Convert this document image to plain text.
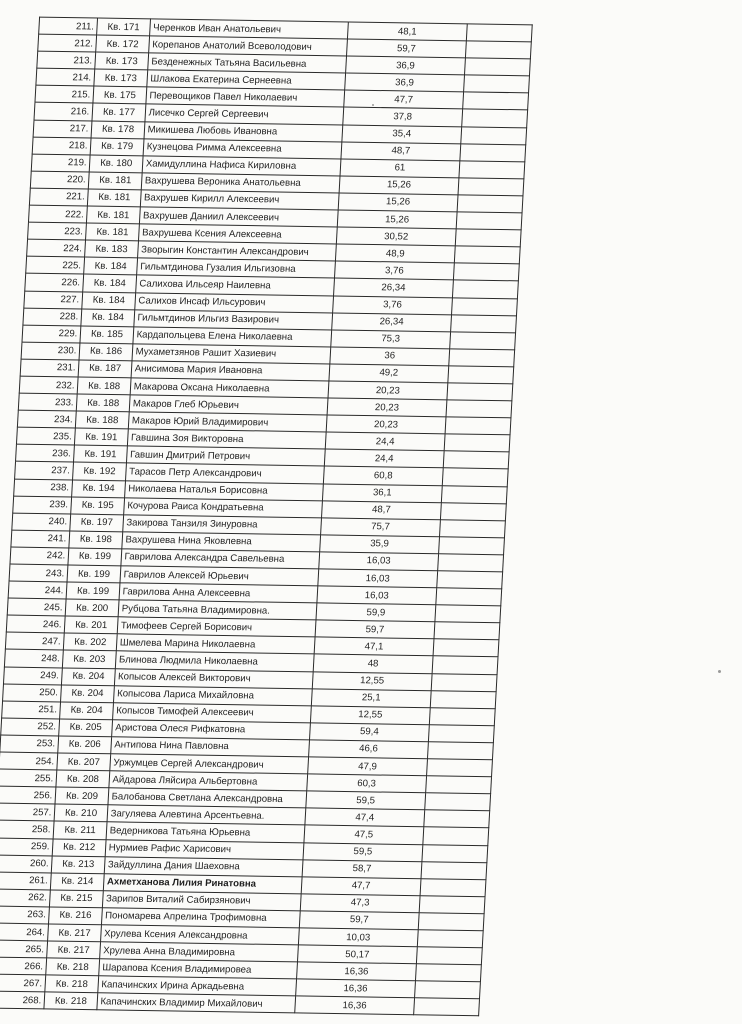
211.	Кв. 171	Черенков Иван Анатольевич	48,1	
212.	Кв. 172	Корепанов Анатолий Всеволодович	59,7	
213.	Кв. 173	Безденежных Татьяна Васильевна	36,9	
214.	Кв. 173	Шлакова Екатерина Сернеевна	36,9	
215.	Кв. 175	Перевощиков Павел Николаевич	47,7	
216.	Кв. 177	Лисечко Сергей Сергеевич	37,8	
217.	Кв. 178	Микишева Любовь Ивановна	35,4	
218.	Кв. 179	Кузнецова Римма Алексеевна	48,7	
219.	Кв. 180	Хамидуллина Нафиса Кириловна	61	
220.	Кв. 181	Вахрушева Вероника Анатольевна	15,26	
221.	Кв. 181	Вахрушев Кирилл Алексеевич	15,26	
222.	Кв. 181	Вахрушев Даниил Алексеевич	15,26	
223.	Кв. 181	Вахрушева Ксения Алексеевна	30,52	
224.	Кв. 183	Зворыгин Константин Александрович	48,9	
225.	Кв. 184	Гильмтдинова Гузалия Ильгизовна	3,76	
226.	Кв. 184	Салихова Ильсеяр Наилевна	26,34	
227.	Кв. 184	Салихов Инсаф Ильсурович	3,76	
228.	Кв. 184	Гильмтдинов Ильгиз Вазирович	26,34	
229.	Кв. 185	Кардапольцева Елена Николаевна	75,3	
230.	Кв. 186	Мухаметзянов Рашит Хазиевич	36	
231.	Кв. 187	Анисимова Мария Ивановна	49,2	
232.	Кв. 188	Макарова Оксана Николаевна	20,23	
233.	Кв. 188	Макаров Глеб Юрьевич	20,23	
234.	Кв. 188	Макаров Юрий Владимирович	20,23	
235.	Кв. 191	Гавшина Зоя Викторовна	24,4	
236.	Кв. 191	Гавшин Дмитрий Петрович	24,4	
237.	Кв. 192	Тарасов Петр Александрович	60,8	
238.	Кв. 194	Николаева Наталья Борисовна	36,1	
239.	Кв. 195	Кочурова Раиса Кондратьевна	48,7	
240.	Кв. 197	Закирова Танзиля Зинуровна	75,7	
241.	Кв. 198	Вахрушева Нина Яковлевна	35,9	
242.	Кв. 199	Гаврилова Александра Савельевна	16,03	
243.	Кв. 199	Гаврилов Алексей Юрьевич	16,03	
244.	Кв. 199	Гаврилова Анна Алексеевна	16,03	
245.	Кв. 200	Рубцова Татьяна Владимировна.	59,9	
246.	Кв. 201	Тимофеев Сергей Борисович	59,7	
247.	Кв. 202	Шмелева Марина Николаевна	47,1	
248.	Кв. 203	Блинова Людмила Николаевна	48	
249.	Кв. 204	Копысов Алексей Викторович	12,55	
250.	Кв. 204	Копысова Лариса Михайловна	25,1	
251.	Кв. 204	Копысов Тимофей Алексеевич	12,55	
252.	Кв. 205	Аристова Олеся Рифкатовна	59,4	
253.	Кв. 206	Антипова Нина Павловна	46,6	
254.	Кв. 207	Уржумцев Сергей Александрович	47,9	
255.	Кв. 208	Айдарова Ляйсира Альбертовна	60,3	
256.	Кв. 209	Балобанова Светлана Александровна	59,5	
257.	Кв. 210	Загуляева Алевтина Арсентьевна.	47,4	
258.	Кв. 211	Ведерникова Татьяна Юрьевна	47,5	
259.	Кв. 212	Нурмиев Рафис Харисович	59,5	
260.	Кв. 213	Зайдуллина Дания Шаеховна	58,7	
261.	Кв. 214	Ахметханова Лилия Ринатовна	47,7	
262.	Кв. 215	Зарипов Виталий Сабирзянович	47,3	
263.	Кв. 216	Пономарева Апрелина Трофимовна	59,7	
264.	Кв. 217	Хрулева Ксения Александровна	10,03	
265.	Кв. 217	Хрулева Анна Владимировна	50,17	
266.	Кв. 218	Шарапова Ксения Владимировеа	16,36	
267.	Кв. 218	Капачинских Ирина Аркадьевна	16,36	
268.	Кв. 218	Капачинских Владимир Михайлович	16,36	
